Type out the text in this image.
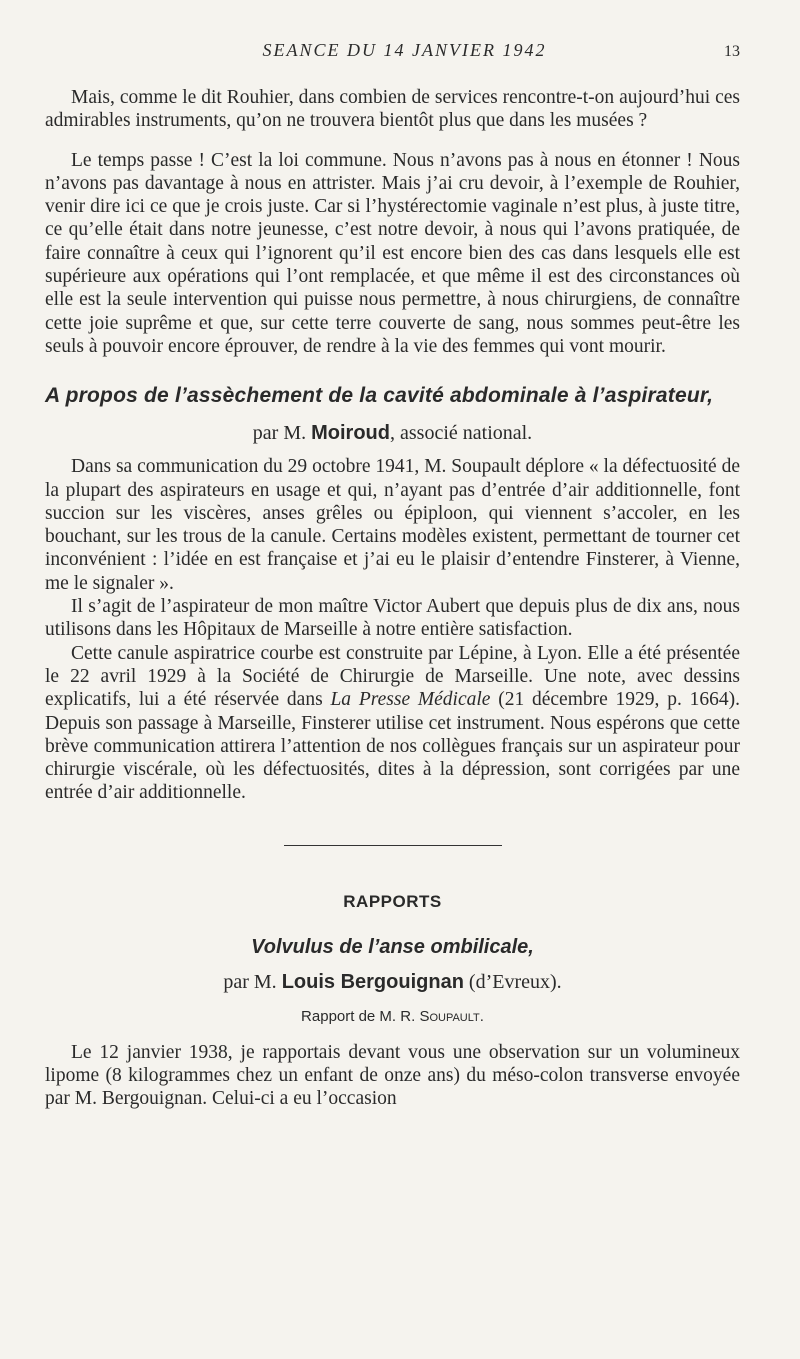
SEANCE DU 14 JANVIER 1942	13

Mais, comme le dit Rouhier, dans combien de services rencontre-t-on aujourd’hui ces admirables instruments, qu’on ne trouvera bientôt plus que dans les musées ?

Le temps passe ! C’est la loi commune. Nous n’avons pas à nous en étonner ! Nous n’avons pas davantage à nous en attrister. Mais j’ai cru devoir, à l’exemple de Rouhier, venir dire ici ce que je crois juste. Car si l’hystérectomie vaginale n’est plus, à juste titre, ce qu’elle était dans notre jeunesse, c’est notre devoir, à nous qui l’avons pratiquée, de faire connaître à ceux qui l’ignorent qu’il est encore bien des cas dans lesquels elle est supérieure aux opérations qui l’ont remplacée, et que même il est des circonstances où elle est la seule intervention qui puisse nous permettre, à nous chirurgiens, de connaître cette joie suprême et que, sur cette terre couverte de sang, nous sommes peut-être les seuls à pouvoir encore éprouver, de rendre à la vie des femmes qui vont mourir.

A propos de l’assèchement de la cavité abdominale à l’aspirateur,
par M. Moiroud, associé national.

Dans sa communication du 29 octobre 1941, M. Soupault déplore « la défectuosité de la plupart des aspirateurs en usage et qui, n’ayant pas d’entrée d’air additionnelle, font succion sur les viscères, anses grêles ou épiploon, qui viennent s’accoler, en les bouchant, sur les trous de la canule. Certains modèles existent, permettant de tourner cet inconvénient : l’idée en est française et j’ai eu le plaisir d’entendre Finsterer, à Vienne, me le signaler ».

Il s’agit de l’aspirateur de mon maître Victor Aubert que depuis plus de dix ans, nous utilisons dans les Hôpitaux de Marseille à notre entière satisfaction.

Cette canule aspiratrice courbe est construite par Lépine, à Lyon. Elle a été présentée le 22 avril 1929 à la Société de Chirurgie de Marseille. Une note, avec dessins explicatifs, lui a été réservée dans La Presse Médicale (21 décembre 1929, p. 1664). Depuis son passage à Marseille, Finsterer utilise cet instrument. Nous espérons que cette brève communication attirera l’attention de nos collègues français sur un aspirateur pour chirurgie viscérale, où les défectuosités, dites à la dépression, sont corrigées par une entrée d’air additionnelle.

RAPPORTS
Volvulus de l’anse ombilicale,
par M. Louis Bergouignan (d’Evreux).
Rapport de M. R. Soupault.

Le 12 janvier 1938, je rapportais devant vous une observation sur un volumineux lipome (8 kilogrammes chez un enfant de onze ans) du méso-colon transverse envoyée par M. Bergouignan. Celui-ci a eu l’occasion
